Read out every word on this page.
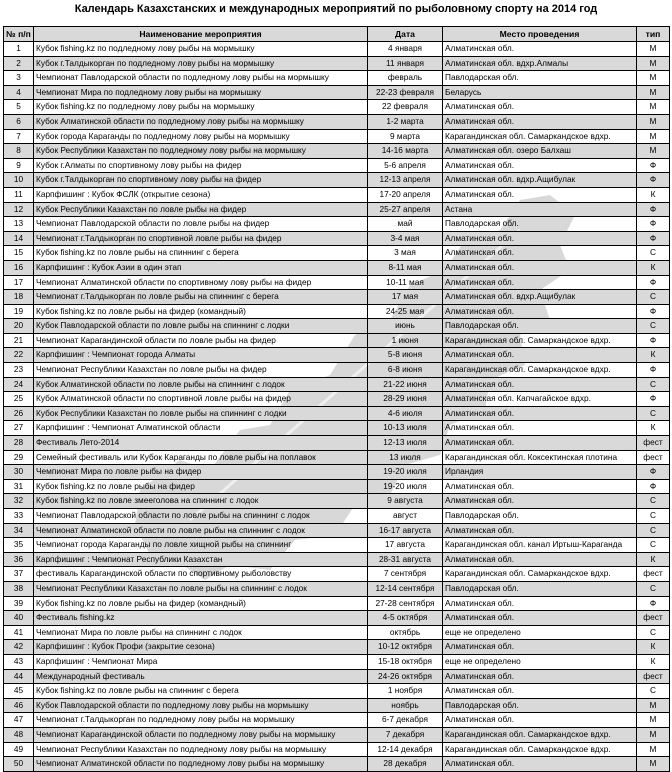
Календарь Казахстанских и международных мероприятий по рыболовному спорту на 2014 год
№ п/п	Наименование мероприятия	Дата	Место проведения	тип
1	Кубок fishing.kz по подледному лову рыбы на мормышку	4 января	Алматинская обл.	М
2	Кубок г.Талдыкорган по подледному лову рыбы на мормышку	11 января	Алматинская обл. вдхр.Алмалы	М
3	Чемпионат Павлодарской области по подледному лову рыбы на мормышку	февраль	Павлодарская обл.	М
4	Чемпионат Мира по подледному лову рыбы на мормышку	22-23 февраля	Беларусь	М
5	Кубок fishing.kz по подледному лову рыбы на мормышку	22 февраля	Алматинская обл.	М
6	Кубок Алматинской области по подледному лову рыбы на мормышку	1-2 марта	Алматинская обл.	М
7	Кубок города Караганды по подледному лову рыбы на мормышку	9 марта	Карагандинская обл. Самаркандское вдхр.	М
8	Кубок Республики Казахстан по подледному лову рыбы на мормышку	14-16 марта	Алматинская обл. озеро Балхаш	М
9	Кубок г.Алматы по спортивному лову рыбы на фидер	5-6 апреля	Алматинская обл.	Ф
10	Кубок г.Талдыкорган по спортивному лову рыбы на фидер	12-13 апреля	Алматинская обл. вдхр.Ащибулак	Ф
11	Карпфишинг : Кубок ФСЛК (открытие сезона)	17-20 апреля	Алматинская обл.	К
12	Кубок Республики Казахстан по ловле рыбы на фидер	25-27 апреля	Астана	Ф
13	Чемпионат Павлодарской области по ловле рыбы на фидер	май	Павлодарская обл.	Ф
14	Чемпионат г.Талдыкорган по спортивной ловле рыбы на фидер	3-4 мая	Алматинская обл.	Ф
15	Кубок fishing.kz по ловле рыбы на спиннинг с берега	3 мая	Алматинская обл.	С
16	Карпфишинг : Кубок Азии в один этап	8-11 мая	Алматинская обл.	К
17	Чемпионат Алматинской области по спортивному лову рыбы на фидер	10-11 мая	Алматинская обл.	Ф
18	Чемпионат г.Талдыкорган по ловле рыбы на спиннинг с берега	17 мая	Алматинская обл. вдхр.Ащибулак	С
19	Кубок fishing.kz по ловле рыбы на фидер (командный)	24-25 мая	Алматинская обл.	Ф
20	Кубок Павлодарской области по ловле рыбы на спиннинг с лодки	июнь	Павлодарская обл.	С
21	Чемпионат Карагандинской области по ловле рыбы на фидер	1 июня	Карагандинская обл. Самаркандское вдхр.	Ф
22	Карпфишинг : Чемпионат города Алматы	5-8 июня	Алматинская обл.	К
23	Чемпионат Республики Казахстан по ловле рыбы на фидер	6-8 июня	Карагандинская обл. Самаркандское вдхр.	Ф
24	Кубок Алматинской области по ловле рыбы на спиннинг с лодок	21-22 июня	Алматинская обл.	С
25	Кубок Алматинской области по спортивной ловле рыбы на фидер	28-29 июня	Алматинская обл. Капчагайское вдхр.	Ф
26	Кубок Республики Казахстан по ловле рыбы на спиннинг с лодки	4-6 июля	Алматинская обл.	С
27	Карпфишинг : Чемпионат Алматинской области	10-13 июля	Алматинская обл.	К
28	Фестиваль Лето-2014	12-13 июля	Алматинская обл.	фест
29	Семейный фестиваль или Кубок Караганды по ловле рыбы на поплавок	13 июля	Карагандинская обл. Коксектинская плотина	фест
30	Чемпионат Мира по ловле рыбы на фидер	19-20 июля	Ирландия	Ф
31	Кубок fishing.kz по ловле рыбы на фидер	19-20 июля	Алматинская обл.	Ф
32	Кубок fishing.kz по ловле змееголова на спиннинг с лодок	9 августа	Алматинская обл.	С
33	Чемпионат Павлодарской области по ловле рыбы на спиннинг с лодок	август	Павлодарская обл.	С
34	Чемпионат Алматинской области по ловле рыбы на спиннинг с лодок	16-17 августа	Алматинская обл.	С
35	Чемпионат города Караганды по ловле хищной рыбы на спиннинг	17 августа	Карагандинская обл. канал Иртыш-Караганда	С
36	Карпфишинг : Чемпионат Республики Казахстан	28-31 августа	Алматинская обл.	К
37	фестиваль Карагандинской области по спортивному рыболовству	7 сентября	Карагандинская обл. Самаркандское вдхр.	фест
38	Чемпионат Республики Казахстан по ловле рыбы на спиннинг с лодок	12-14 сентября	Павлодарская обл.	С
39	Кубок fishing.kz по ловле рыбы на фидер (командный)	27-28 сентября	Алматинская обл.	Ф
40	Фестиваль fishing.kz	4-5 октября	Алматинская обл.	фест
41	Чемпионат Мира по ловле рыбы на спиннинг с лодок	октябрь	еще не определено	С
42	Карпфишинг : Кубок Профи (закрытие сезона)	10-12 октября	Алматинская обл.	К
43	Карпфишинг : Чемпионат Мира	15-18 октября	еще не определено	К
44	Международный фестиваль	24-26 октября	Алматинская обл.	фест
45	Кубок fishing.kz по ловле рыбы на спиннинг с берега	1 ноября	Алматинская обл.	С
46	Кубок Павлодарской области по подледному лову рыбы на мормышку	ноябрь	Павлодарская обл.	М
47	Чемпионат г.Талдыкорган по подледному лову рыбы на мормышку	6-7 декабря	Алматинская обл.	М
48	Чемпионат Карагандинской области по подледному лову рыбы на мормышку	7 декабря	Карагандинская обл. Самаркандское вдхр.	М
49	Чемпионат Республики Казахстан по подледному лову рыбы на мормышку	12-14 декабря	Карагандинская обл. Самаркандское вдхр.	М
50	Чемпионат Алматинской области по подледному лову рыбы на мормышку	28 декабря	Алматинская обл.	М
